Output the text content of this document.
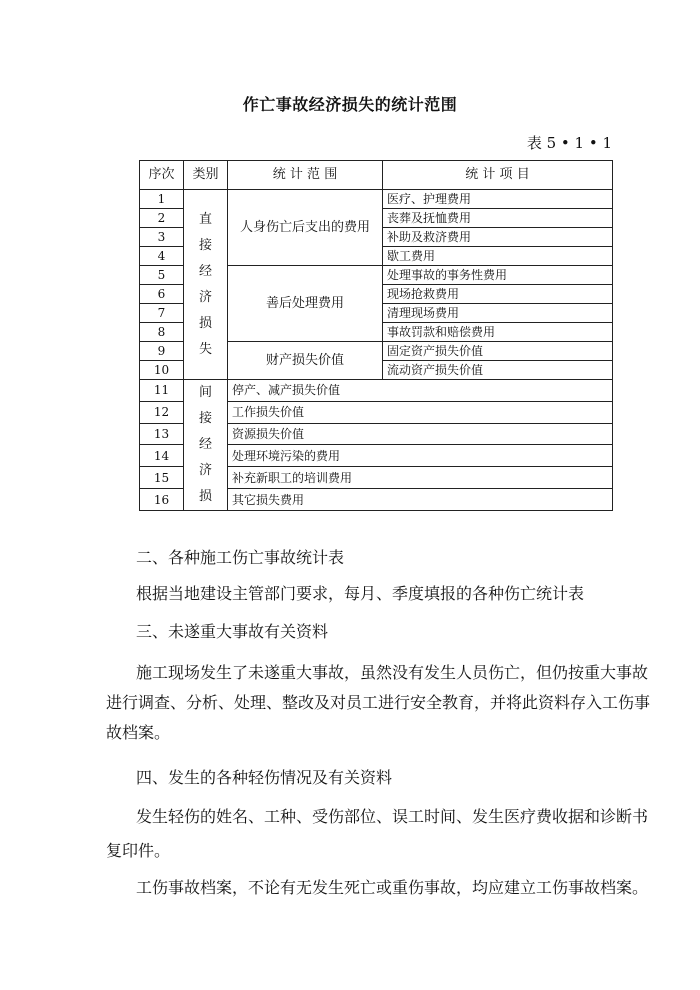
作亡事故经济损失的统计范围
表 5 • 1 • 1
序次	类别	统 计 范 围	统 计 项 目
1	直接经济损失	人身伤亡后支出的费用	医疗、护理费用
2			丧葬及抚恤费用
3			补助及救济费用
4			歇工费用
5		善后处理费用	处理事故的事务性费用
6			现场抢救费用
7			清理现场费用
8			事故罚款和赔偿费用
9		财产损失价值	固定资产损失价值
10			流动资产损失价值
11	间接经济损	停产、减产损失价值	
12		工作损失价值	
13		资源损失价值	
14		处理环境污染的费用	
15		补充新职工的培训费用	
16		其它损失费用	
二、各种施工伤亡事故统计表
根据当地建设主管部门要求，每月、季度填报的各种伤亡统计表
三、未遂重大事故有关资料
施工现场发生了未遂重大事故，虽然没有发生人员伤亡，但仍按重大事故进行调查、分析、处理、整改及对员工进行安全教育，并将此资料存入工伤事故档案。
四、发生的各种轻伤情况及有关资料
发生轻伤的姓名、工种、受伤部位、误工时间、发生医疗费收据和诊断书复印件。
工伤事故档案，不论有无发生死亡或重伤事故，均应建立工伤事故档案。
